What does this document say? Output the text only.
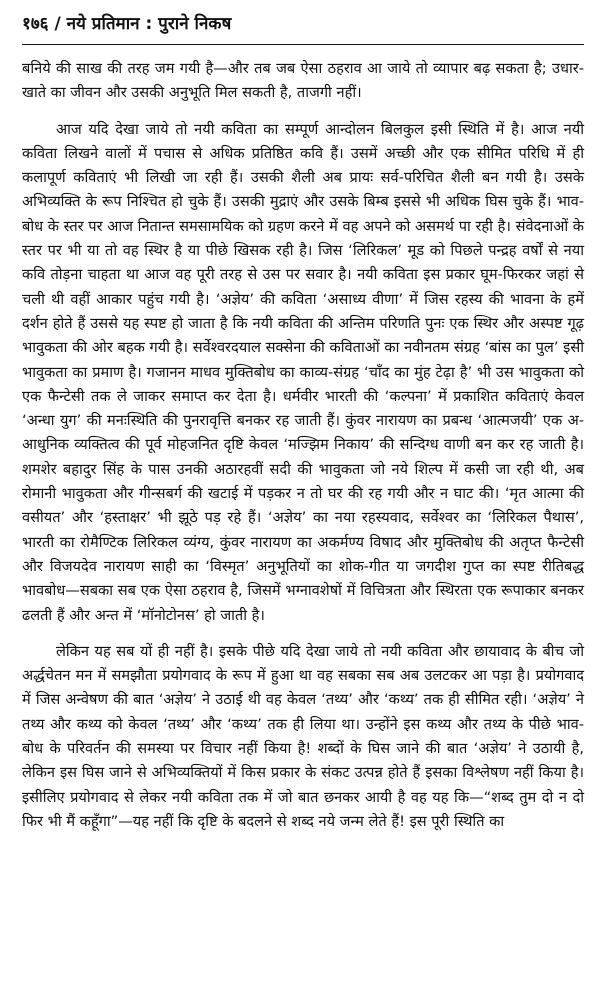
१७६ / नये प्रतिमान : पुराने निकष

बनिये की साख की तरह जम गयी है—और तब जब ऐसा ठहराव आ जाये तो व्यापार बढ़ सकता है; उधार-खाते का जीवन और उसकी अनुभूति मिल सकती है, ताजगी नहीं।

आज यदि देखा जाये तो नयी कविता का सम्पूर्ण आन्दोलन बिलकुल इसी स्थिति में है। आज नयी कविता लिखने वालों में पचास से अधिक प्रतिष्ठित कवि हैं। उसमें अच्छी और एक सीमित परिधि में ही कलापूर्ण कविताएं भी लिखी जा रही हैं। उसकी शैली अब प्रायः सर्व-परिचित शैली बन गयी है। उसके अभिव्यक्ति के रूप निश्चित हो चुके हैं। उसकी मुद्राएं और उसके बिम्ब इससे भी अधिक घिस चुके हैं। भाव-बोध के स्तर पर आज नितान्त समसामयिक को ग्रहण करने में वह अपने को असमर्थ पा रही है। संवेदनाओं के स्तर पर भी या तो वह स्थिर है या पीछे खिसक रही है। जिस ‘लिरिकल’ मूड को पिछले पन्द्रह वर्षों से नया कवि तोड़ना चाहता था आज वह पूरी तरह से उस पर सवार है। नयी कविता इस प्रकार घूम-फिरकर जहां से चली थी वहीं आकार पहुंच गयी है। ‘अज्ञेय’ की कविता ‘असाध्य वीणा’ में जिस रहस्य की भावना के हमें दर्शन होते हैं उससे यह स्पष्ट हो जाता है कि नयी कविता की अन्तिम परिणति पुनः एक स्थिर और अस्पष्ट गूढ़ भावुकता की ओर बहक गयी है। सर्वेश्वरदयाल सक्सेना की कविताओं का नवीनतम संग्रह ‘बांस का पुल’ इसी भावुकता का प्रमाण है। गजानन माधव मुक्तिबोध का काव्य-संग्रह ‘चाँद का मुंह टेढ़ा है’ भी उस भावुकता को एक फैन्टेसी तक ले जाकर समाप्त कर देता है। धर्मवीर भारती की ‘कल्पना’ में प्रकाशित कविताएं केवल ‘अन्धा युग’ की मनःस्थिति की पुनरावृत्ति बनकर रह जाती हैं। कुंवर नारायण का प्रबन्ध ‘आत्मजयी’ एक अ-आधुनिक व्यक्तित्व की पूर्व मोहजनित दृष्टि केवल ‘मज्झिम निकाय’ की सन्दिग्ध वाणी बन कर रह जाती है। शमशेर बहादुर सिंह के पास उनकी अठारहवीं सदी की भावुकता जो नये शिल्प में कसी जा रही थी, अब रोमानी भावुकता और गीन्सबर्ग की खटाई में पड़कर न तो घर की रह गयी और न घाट की। ‘मृत आत्मा की वसीयत’ और ‘हस्ताक्षर’ भी झूठे पड़ रहे हैं। ‘अज्ञेय’ का नया रहस्यवाद, सर्वेश्वर का ‘लिरिकल पैथास’, भारती का रोमैण्टिक लिरिकल व्यंग्य, कुंवर नारायण का अकर्मण्य विषाद और मुक्तिबोध की अतृप्त फैन्टेसी और विजयदेव नारायण साही का ‘विस्मृत’ अनुभूतियों का शोक-गीत या जगदीश गुप्त का स्पष्ट रीतिबद्ध भावबोध—सबका सब एक ऐसा ठहराव है, जिसमें भग्नावशेषों में विचित्रता और स्थिरता एक रूपाकार बनकर ढलती हैं और अन्त में ‘मॉनोटोनस’ हो जाती है।

लेकिन यह सब यों ही नहीं है। इसके पीछे यदि देखा जाये तो नयी कविता और छायावाद के बीच जो अर्द्धचेतन मन में समझौता प्रयोगवाद के रूप में हुआ था वह सबका सब अब उलटकर आ पड़ा है। प्रयोगवाद में जिस अन्वेषण की बात ‘अज्ञेय’ ने उठाई थी वह केवल ‘तथ्य’ और ‘कथ्य’ तक ही सीमित रही। ‘अज्ञेय’ ने तथ्य और कथ्य को केवल ‘तथ्य’ और ‘कथ्य’ तक ही लिया था। उन्होंने इस कथ्य और तथ्य के पीछे भाव-बोध के परिवर्तन की समस्या पर विचार नहीं किया है! शब्दों के घिस जाने की बात ‘अज्ञेय’ ने उठायी है, लेकिन इस घिस जाने से अभिव्यक्तियों में किस प्रकार के संकट उत्पन्न होते हैं इसका विश्लेषण नहीं किया है। इसीलिए प्रयोगवाद से लेकर नयी कविता तक में जो बात छनकर आयी है वह यह कि—“शब्द तुम दो न दो फिर भी मैं कहूँगा”—यह नहीं कि दृष्टि के बदलने से शब्द नये जन्म लेते हैं! इस पूरी स्थिति का
